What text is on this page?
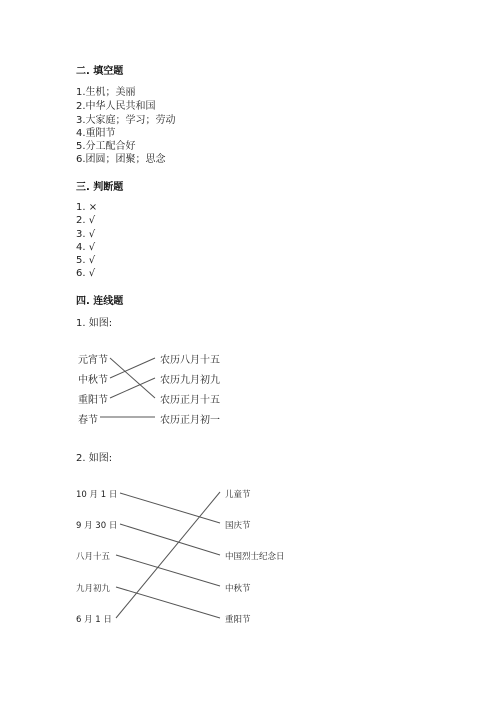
二. 填空题
1.生机；美丽
2.中华人民共和国
3.大家庭；学习；劳动
4.重阳节
5.分工配合好
6.团圆；团聚；思念
三. 判断题
1. ×
2. √
3. √
4. √
5. √
6. √
四. 连线题
1. 如图:
元宵节
中秋节
重阳节
春节
农历八月十五
农历九月初九
农历正月十五
农历正月初一
2. 如图:
10 月 1 日
9 月 30 日
八月十五
九月初九
6 月 1 日
儿童节
国庆节
中国烈士纪念日
中秋节
重阳节
